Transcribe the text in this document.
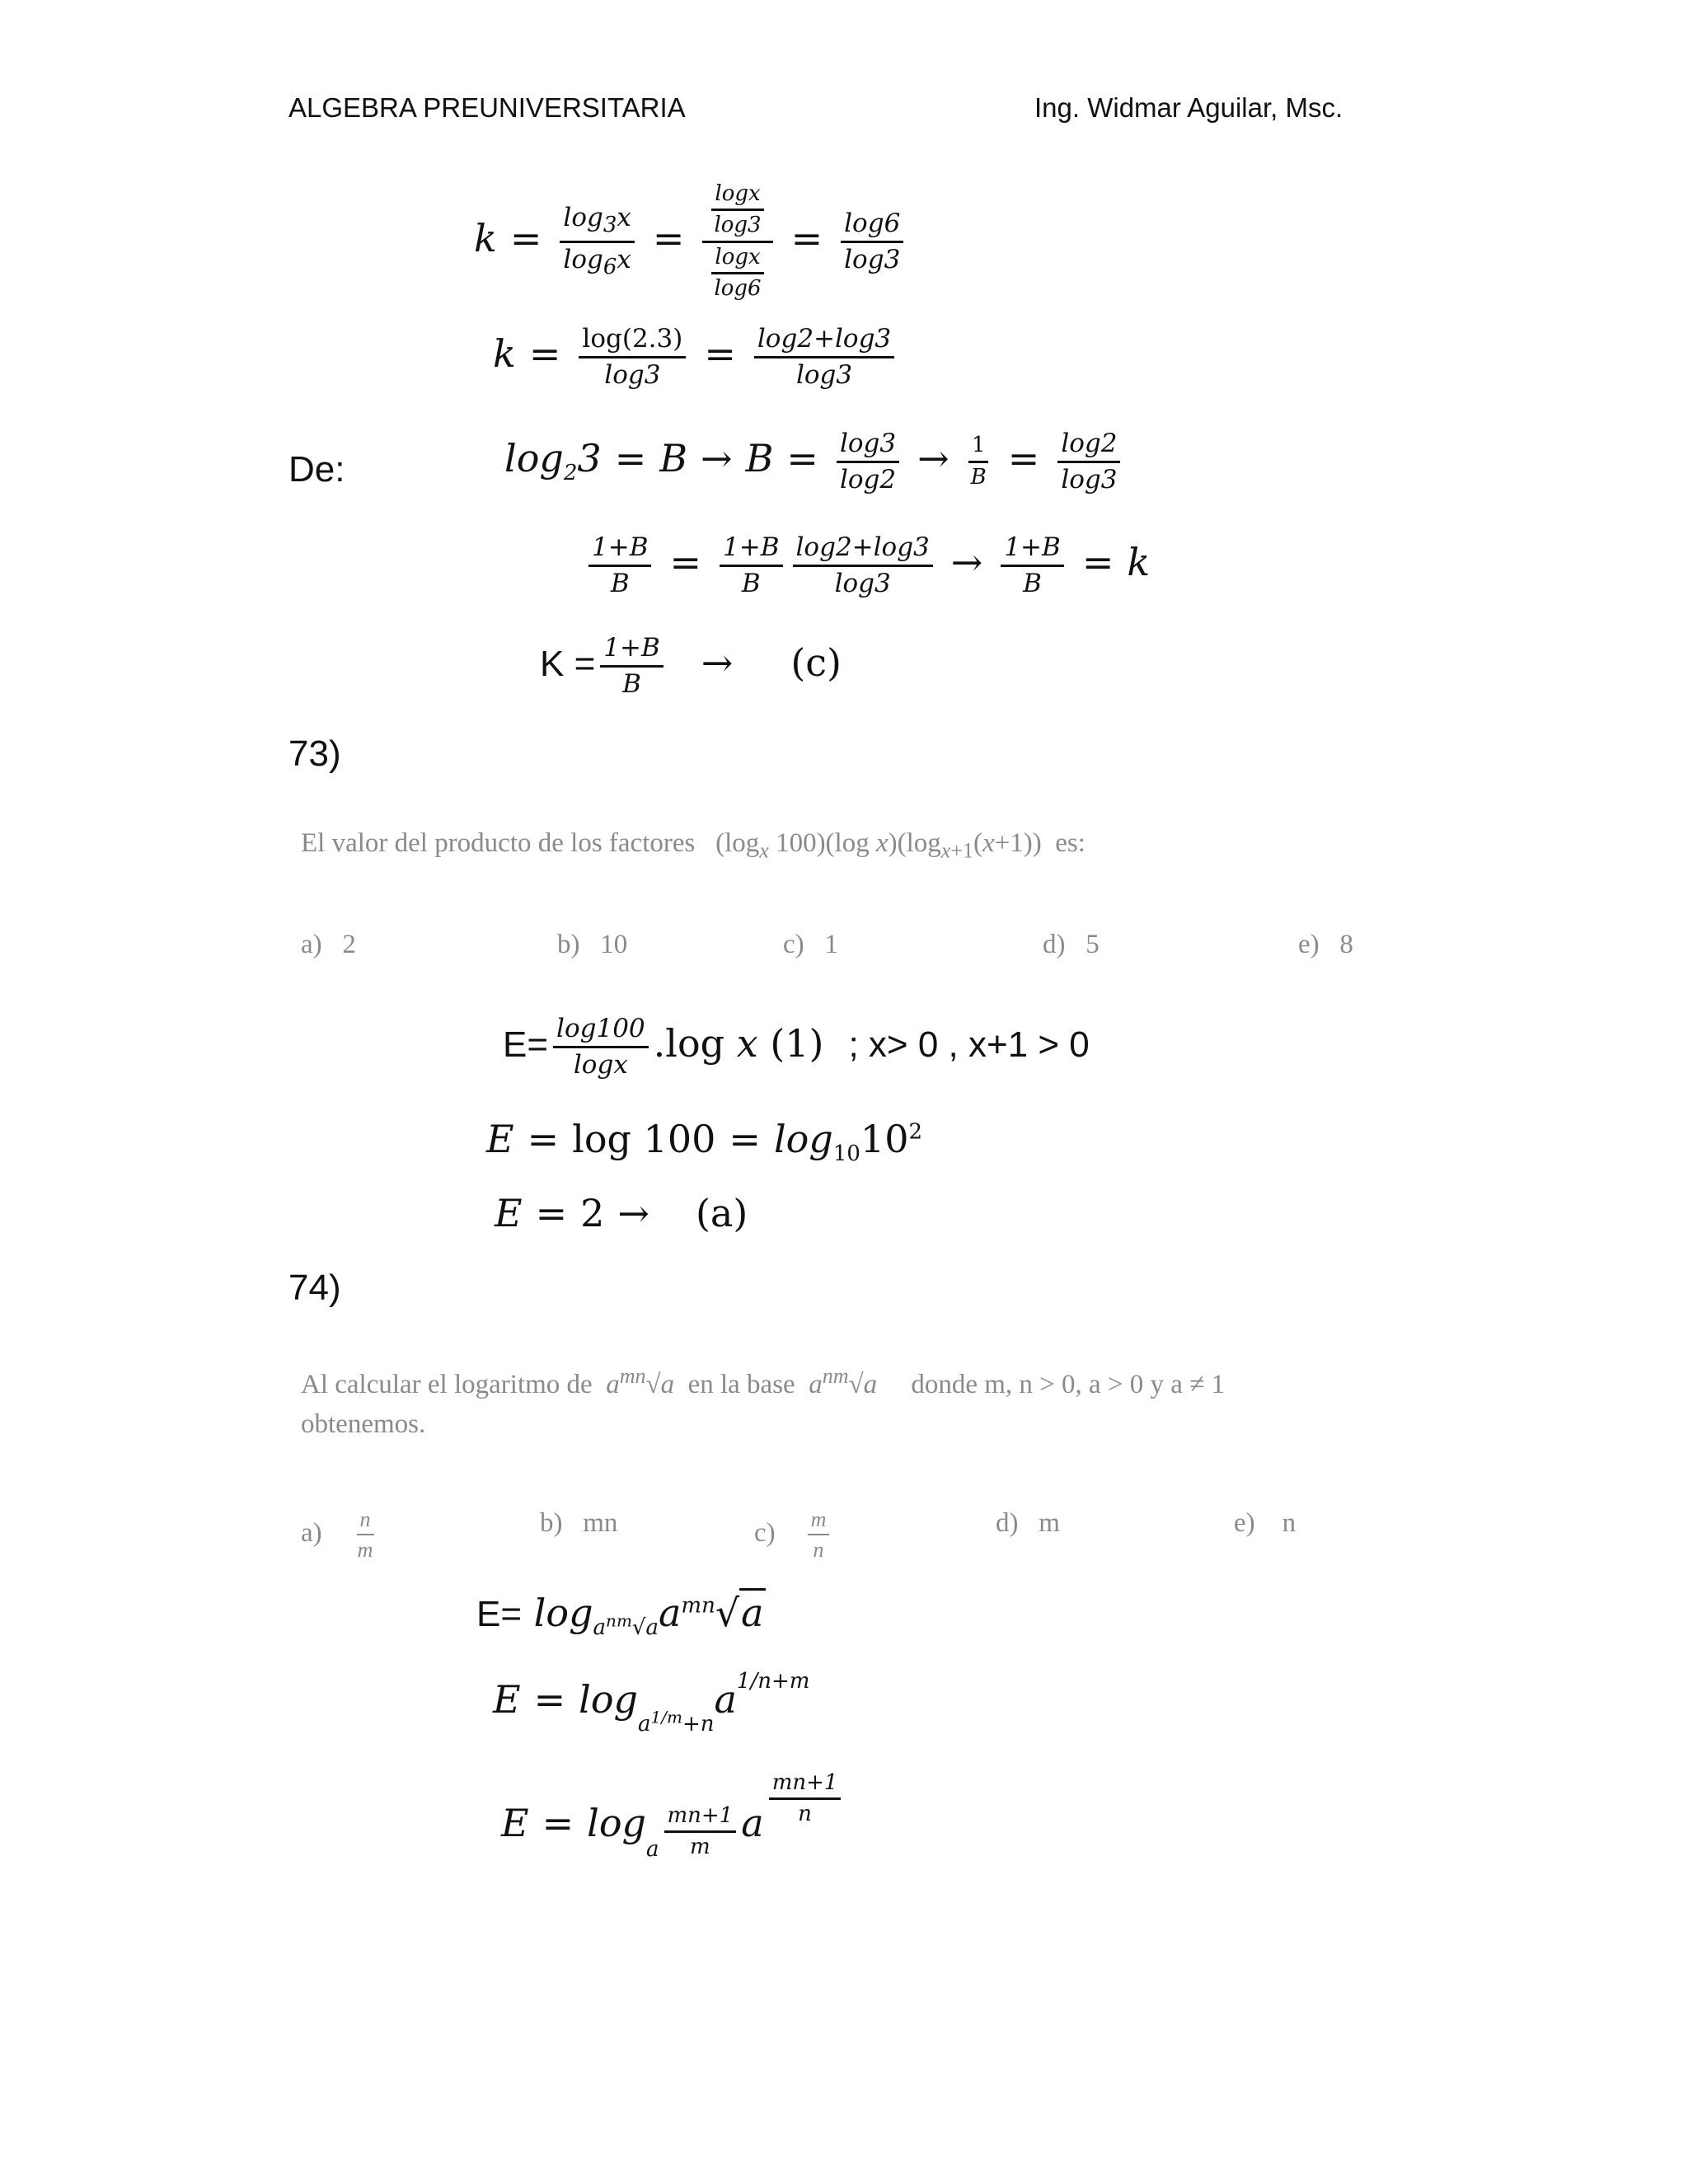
ALGEBRA PREUNIVERSITARIA	Ing. Widmar Aguilar, Msc.
$k = \frac{\log_3x}{\log_6x} = \frac{\frac{\log x}{\log 3}}{\frac{\log x}{\log 6}} = \frac{\log 6}{\log 3}$
$k = \frac{\log(2.3)}{\log 3} = \frac{\log 2+\log 3}{\log 3}$
De:	$\log_23 = B \to B = \frac{\log 3}{\log 2} \to \frac{1}{B} = \frac{\log 2}{\log 3}$
$\frac{1+B}{B} = \frac{1+B}{B} \frac{\log 2+\log 3}{\log 3} \to \frac{1+B}{B} = k$
$K = \frac{1+B}{B} \to (c)$
73)
El valor del producto de los factores   ($\log_x$ 100)(log $x)(\log_{x+1}(x+1))$  es:
a) 2	b) 10	c) 1	d) 5	e) 8
$E= \frac{\log 100}{\log x} .\log$ x (1) ; x> 0 , x+1 > 0
$E = \log 100 = \log_{10}10^2$
E = 2 → (a)
74)
Al calcular el logaritmo de $a^{mn}√a$ en la base $a^{nm}√a$ donde m, n > 0, a > 0 y a ≠ 1
obtenemos.
$a) \frac{n}{m}$	b) mn	$c) \frac{m}{n}$	d) m	e) n
$E= \log_{a^{nm}√a}a^{mn}√a$
$E = \log_{a^{1/m}+n}a^{1/n+m}$
$E = \log_a ^{\frac{mn+1}{m}}$ a $^{\frac{mn+1}{n}}$
